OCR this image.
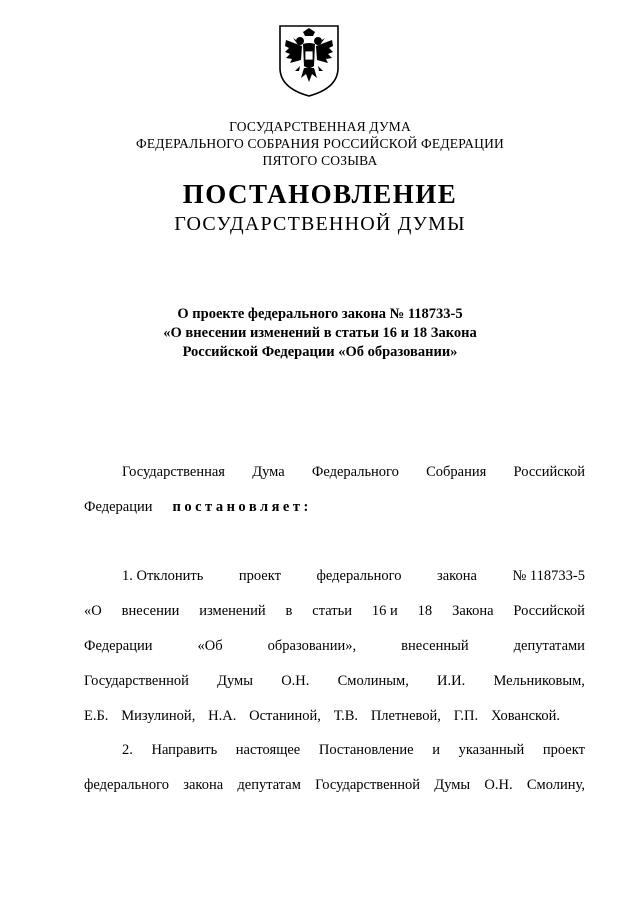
ГОСУДАРСТВЕННАЯ ДУМА
ФЕДЕРАЛЬНОГО СОБРАНИЯ РОССИЙСКОЙ ФЕДЕРАЦИИ
ПЯТОГО СОЗЫВА
ПОСТАНОВЛЕНИЕ
ГОСУДАРСТВЕННОЙ ДУМЫ
О проекте федерального закона № 118733-5
«О внесении изменений в статьи 16 и 18 Закона
Российской Федерации «Об образовании»
Государственная Дума Федерального Собрания Российской
Федерации постановляет:
1. Отклонить проект федерального закона № 118733-5
«О внесении изменений в статьи 16 и 18 Закона Российской
Федерации	«Об	образовании»,	внесенный	депутатами
Государственной Думы О.Н. Смолиным, И.И. Мельниковым,
Е.Б. Мизулиной, Н.А. Останиной, Т.В. Плетневой, Г.П. Хованской.
2. Направить настоящее Постановление и указанный проект
федерального закона депутатам Государственной Думы О.Н. Смолину,
